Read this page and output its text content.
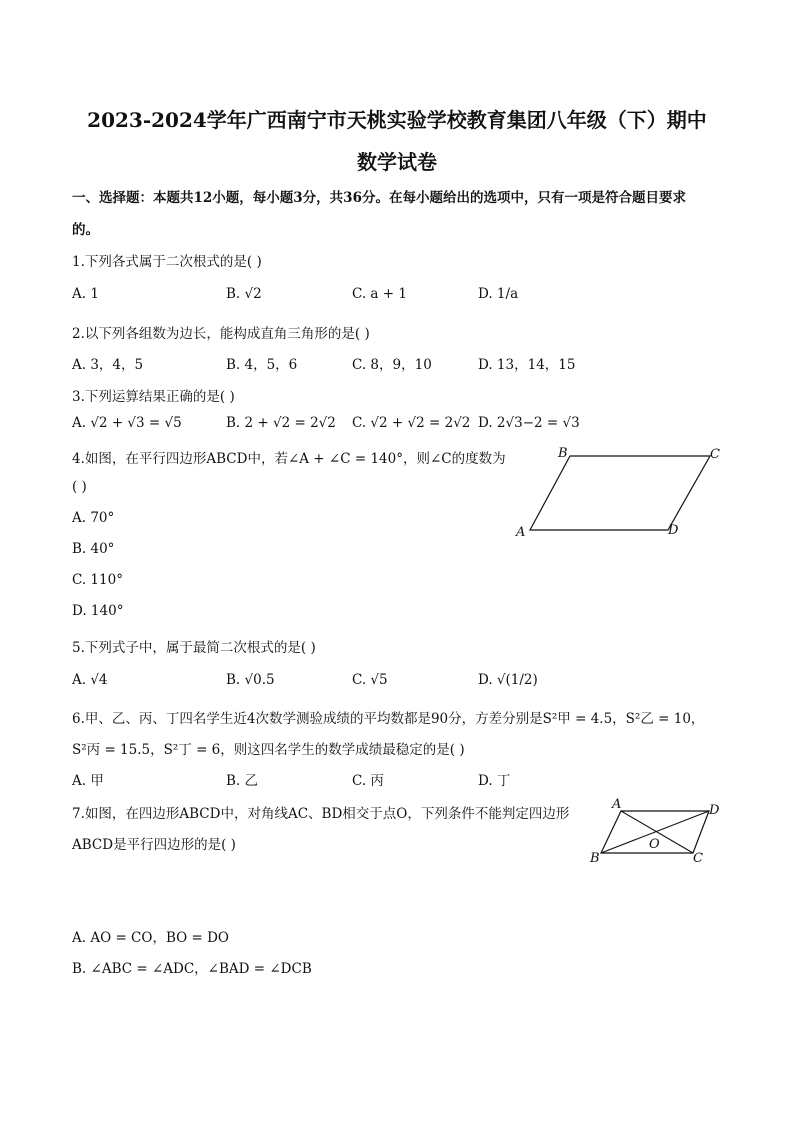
2023-2024学年广西南宁市天桃实验学校教育集团八年级（下）期中
数学试卷
一、选择题：本题共12小题，每小题3分，共36分。在每小题给出的选项中，只有一项是符合题目要求
的。
1.下列各式属于二次根式的是( )
A. 1	B. √2	C. a + 1	D. 1/a
2.以下列各组数为边长，能构成直角三角形的是( )
A. 3，4，5	B. 4，5，6	C. 8，9，10	D. 13，14，15
3.下列运算结果正确的是( )
A. √2 + √3 = √5	B. 2 + √2 = 2√2 C. √2 + √2 = 2√2 D. 2√3−2 = √3
4.如图，在平行四边形ABCD中，若∠A + ∠C = 140°，则∠C的度数为
( )
A. 70°
B. 40°
C. 110°
D. 140°
B	C
A	D
5.下列式子中，属于最简二次根式的是( )
A. √4	B. √0.5	C. √5	D. √(1/2)
6.甲、乙、丙、丁四名学生近4次数学测验成绩的平均数都是90分，方差分别是S²甲 = 4.5，S²乙 = 10，
S²丙 = 15.5，S²丁 = 6，则这四名学生的数学成绩最稳定的是( )
A. 甲	B. 乙	C. 丙	D. 丁
7.如图，在四边形ABCD中，对角线AC、BD相交于点O，下列条件不能判定四边形
ABCD是平行四边形的是( )
A	D
B	C
O
A. AO = CO，BO = DO
B. ∠ABC = ∠ADC，∠BAD = ∠DCB
